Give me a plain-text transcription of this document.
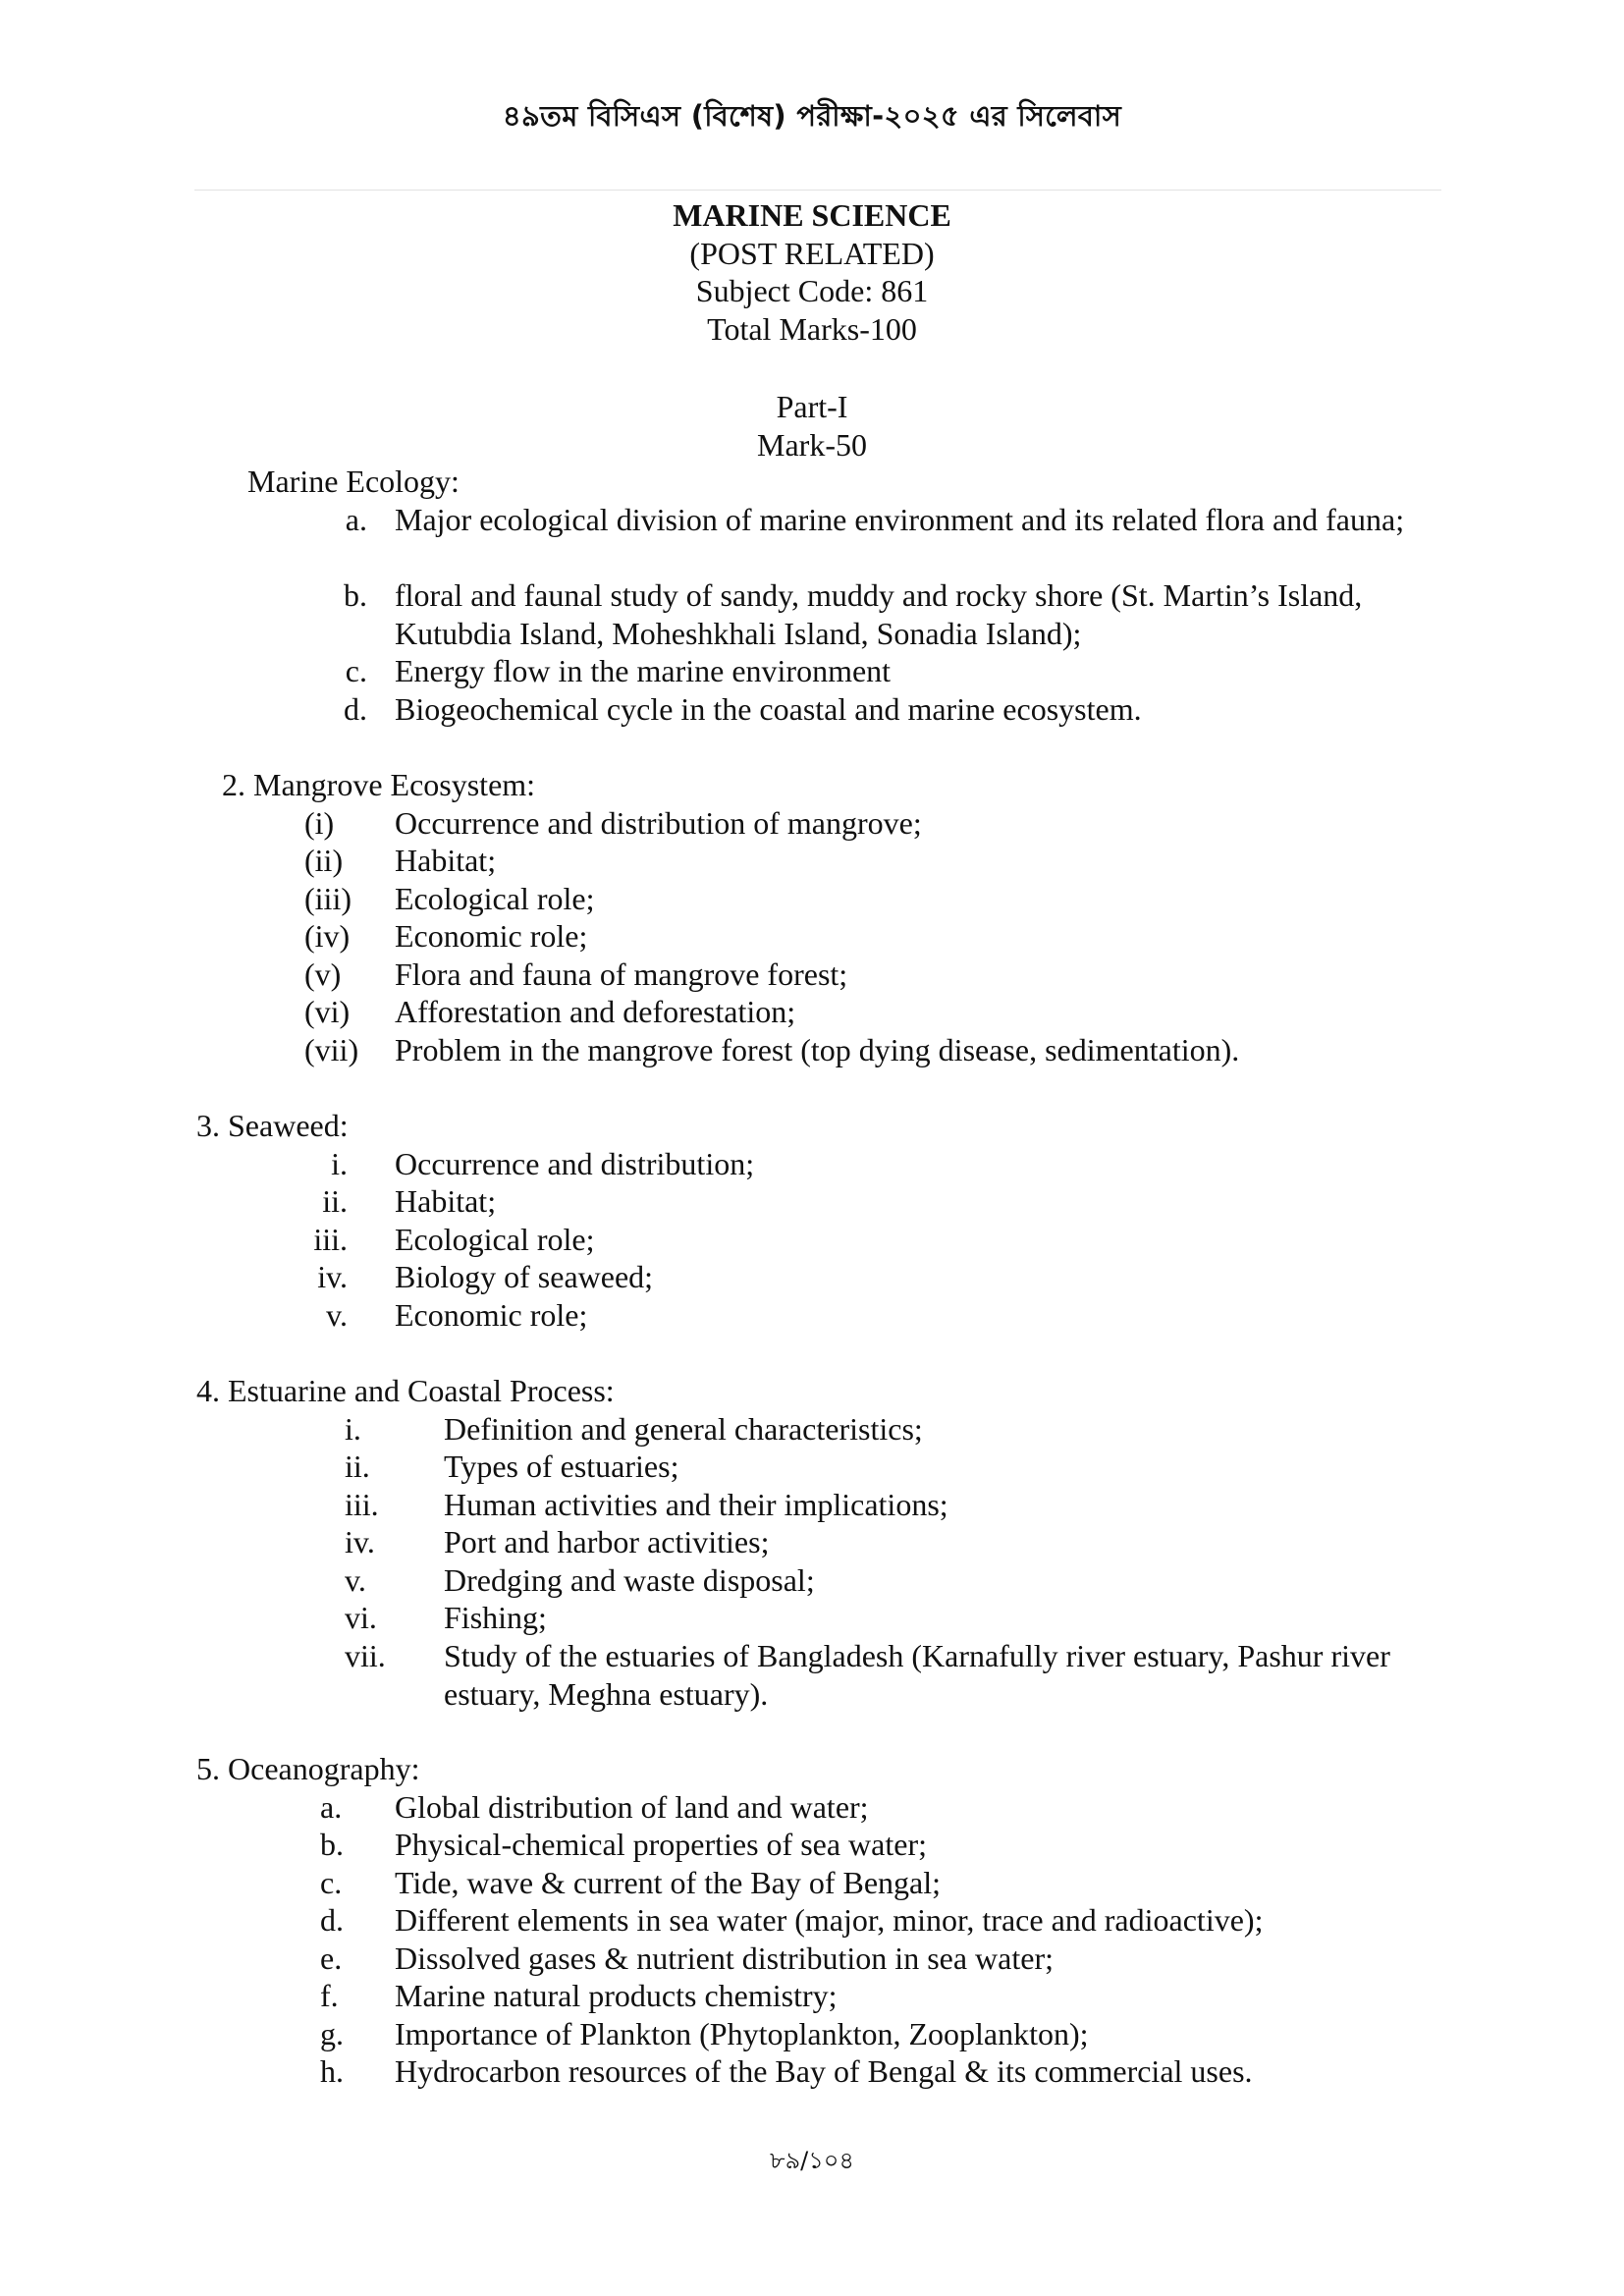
৪৯তম বিসিএস (বিশেষ) পরীক্ষা-২০২৫ এর সিলেবাস
MARINE SCIENCE
(POST RELATED)
Subject Code: 861
Total Marks-100
Part-I
Mark-50
Marine Ecology:
a. Major ecological division of marine environment and its related flora and fauna;
b. floral and faunal study of sandy, muddy and rocky shore (St. Martin’s Island, Kutubdia Island, Moheshkhali Island, Sonadia Island);
c. Energy flow in the marine environment
d. Biogeochemical cycle in the coastal and marine ecosystem.
2. Mangrove Ecosystem:
(i) Occurrence and distribution of mangrove;
(ii) Habitat;
(iii) Ecological role;
(iv) Economic role;
(v) Flora and fauna of mangrove forest;
(vi) Afforestation and deforestation;
(vii) Problem in the mangrove forest (top dying disease, sedimentation).
3. Seaweed:
i. Occurrence and distribution;
ii. Habitat;
iii. Ecological role;
iv. Biology of seaweed;
v. Economic role;
4. Estuarine and Coastal Process:
i.	Definition and general characteristics;
ii. Types of estuaries;
iii. Human activities and their implications;
iv. Port and harbor activities;
v. Dredging and waste disposal;
vi. Fishing;
vii. Study of the estuaries of Bangladesh (Karnafully river estuary, Pashur river estuary, Meghna estuary).
5. Oceanography:
a. Global distribution of land and water;
b. Physical-chemical properties of sea water;
c. Tide, wave & current of the Bay of Bengal;
d. Different elements in sea water (major, minor, trace and radioactive);
e. Dissolved gases & nutrient distribution in sea water;
f. Marine natural products chemistry;
g. Importance of Plankton (Phytoplankton, Zooplankton);
h. Hydrocarbon resources of the Bay of Bengal & its commercial uses.
৮৯/১০৪
